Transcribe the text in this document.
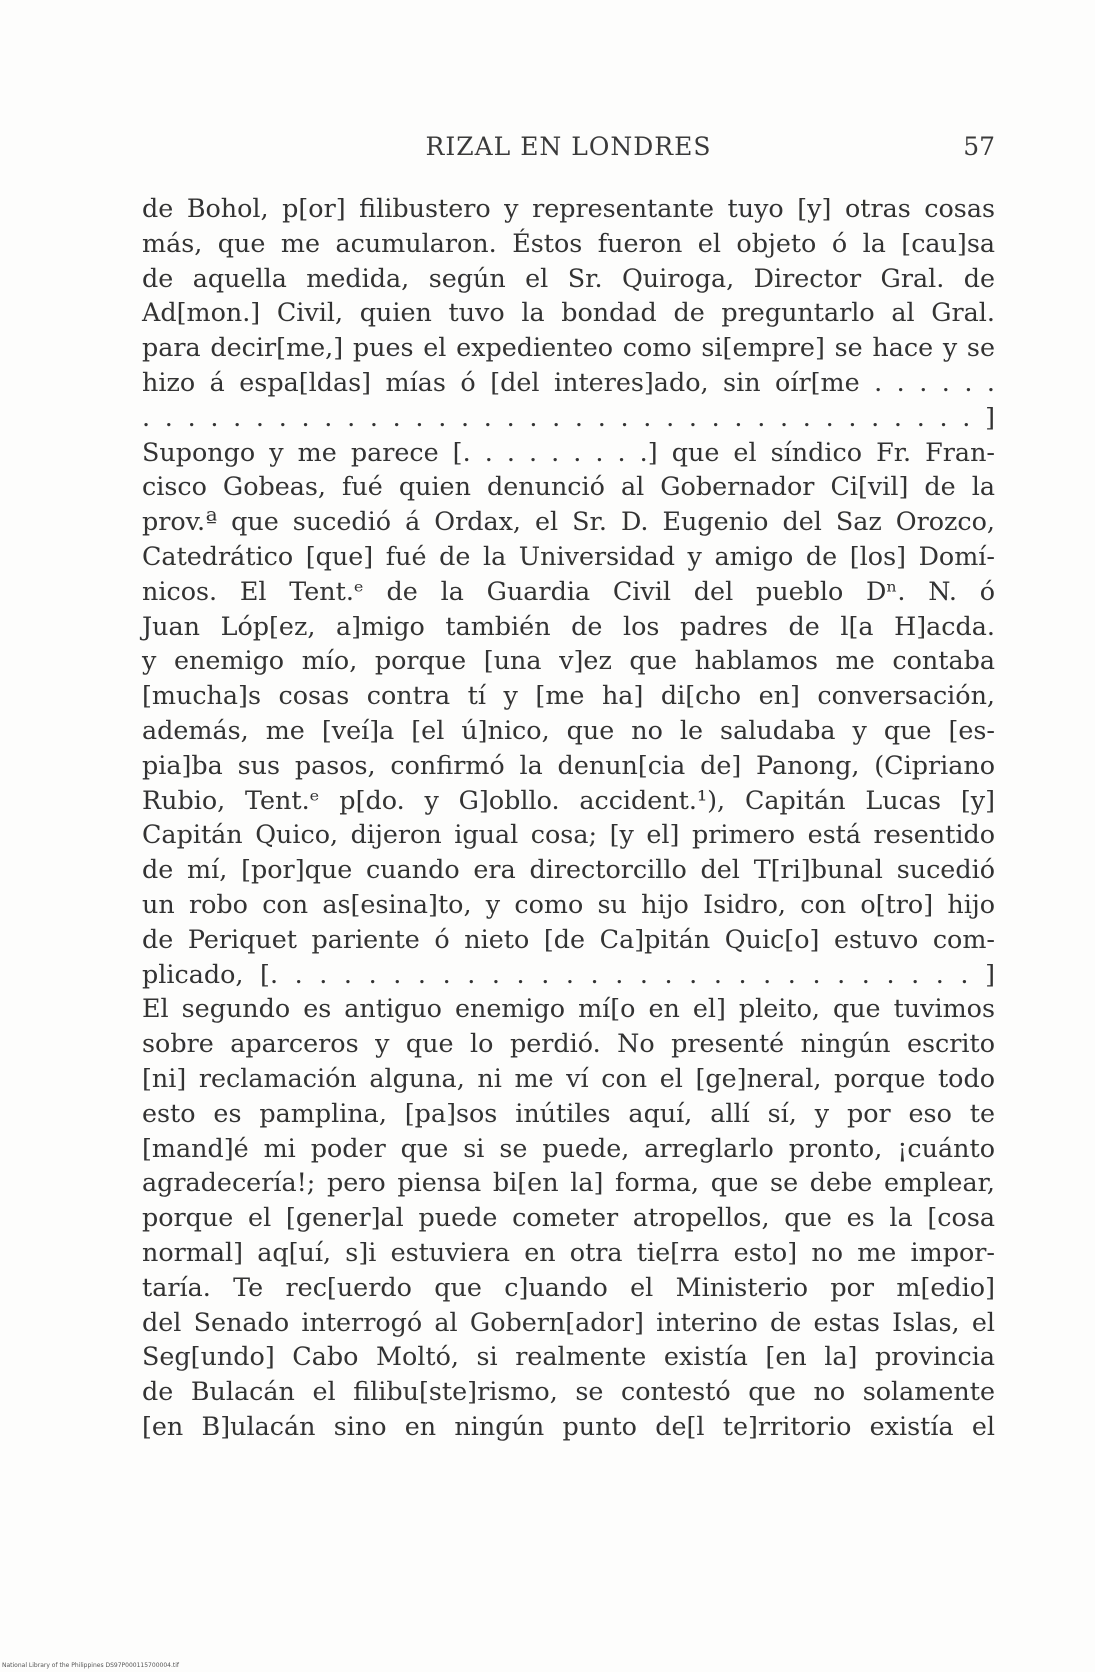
RIZAL EN LONDRES	57
de Bohol, p[or] filibustero y representante tuyo [y] otras cosas
más, que me acumularon. Éstos fueron el objeto ó la [cau]sa
de aquella medida, según el Sr. Quiroga, Director Gral. de
Ad[mon.] Civil, quien tuvo la bondad de preguntarlo al Gral.
para decir[me,] pues el expedienteo como si[empre] se hace y se
hizo á espa[ldas] mías ó [del interes]ado, sin oír[me . . . . . .
. . . . . . . . . . . . . . . . . . . . . . . . . . . . . . . . . . . . . ]
Supongo y me parece [. . . . . . . . .] que el síndico Fr. Fran-
cisco Gobeas, fué quien denunció al Gobernador Ci[vil] de la
prov.ª que sucedió á Ordax, el Sr. D. Eugenio del Saz Orozco,
Catedrático [que] fué de la Universidad y amigo de [los] Domí-
nicos. El Tent.ᵉ de la Guardia Civil del pueblo Dⁿ. N. ó
Juan Lóp[ez, a]migo también de los padres de l[a H]acda.
y enemigo mío, porque [una v]ez que hablamos me contaba
[mucha]s cosas contra tí y [me ha] di[cho en] conversación,
además, me [veí]a [el ú]nico, que no le saludaba y que [es-
pia]ba sus pasos, confirmó la denun[cia de] Panong, (Cipriano
Rubio, Tent.ᵉ p[do. y G]obllo. accident.¹), Capitán Lucas [y]
Capitán Quico, dijeron igual cosa; [y el] primero está resentido
de mí, [por]que cuando era directorcillo del T[ri]bunal sucedió
un robo con as[esina]to, y como su hijo Isidro, con o[tro] hijo
de Periquet pariente ó nieto [de Ca]pitán Quic[o] estuvo com-
plicado, [. . . . . . . . . . . . . . . . . . . . . . . . . . . . . ]
El segundo es antiguo enemigo mí[o en el] pleito, que tuvimos
sobre aparceros y que lo perdió. No presenté ningún escrito
[ni] reclamación alguna, ni me ví con el [ge]neral, porque todo
esto es pamplina, [pa]sos inútiles aquí, allí sí, y por eso te
[mand]é mi poder que si se puede, arreglarlo pronto, ¡cuánto
agradecería!; pero piensa bi[en la] forma, que se debe emplear,
porque el [gener]al puede cometer atropellos, que es la [cosa
normal] aq[uí, s]i estuviera en otra tie[rra esto] no me impor-
taría. Te rec[uerdo que c]uando el Ministerio por m[edio]
del Senado interrogó al Gobern[ador] interino de estas Islas, el
Seg[undo] Cabo Moltó, si realmente existía [en la] provincia
de Bulacán el filibu[ste]rismo, se contestó que no solamente
[en B]ulacán sino en ningún punto de[l te]rritorio existía el
National Library of the Philippines DS97P000115700004.tif
